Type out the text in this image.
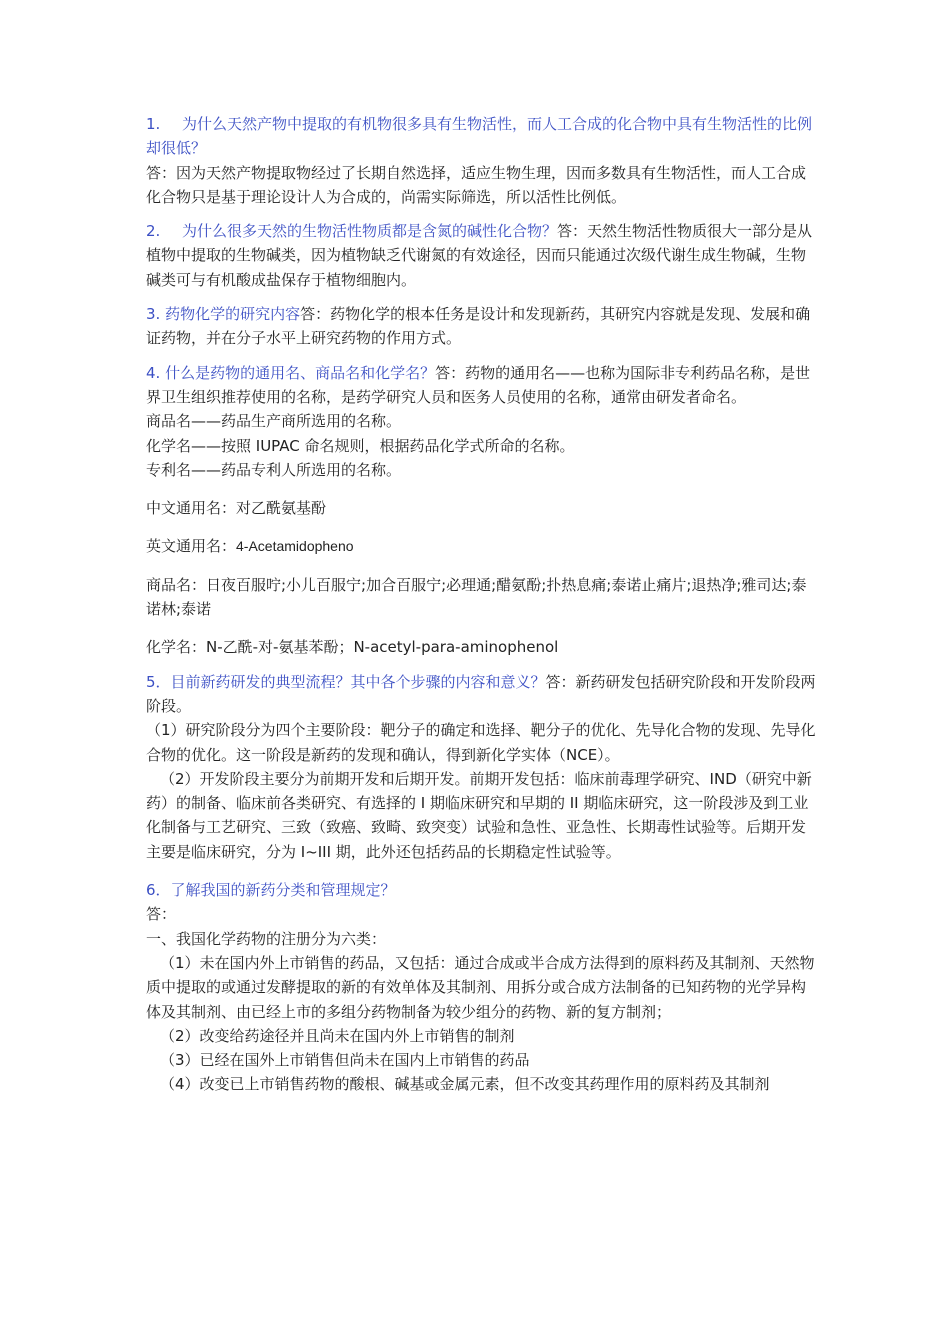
1. 为什么天然产物中提取的有机物很多具有生物活性，而人工合成的化合物中具有生物活性的比例却很低？
答：因为天然产物提取物经过了长期自然选择，适应生物生理，因而多数具有生物活性，而人工合成化合物只是基于理论设计人为合成的，尚需实际筛选，所以活性比例低。

2. 为什么很多天然的生物活性物质都是含氮的碱性化合物？答：天然生物活性物质很大一部分是从植物中提取的生物碱类，因为植物缺乏代谢氮的有效途径，因而只能通过次级代谢生成生物碱，生物碱类可与有机酸成盐保存于植物细胞内。

3. 药物化学的研究内容答：药物化学的根本任务是设计和发现新药，其研究内容就是发现、发展和确证药物，并在分子水平上研究药物的作用方式。

4. 什么是药物的通用名、商品名和化学名？答：药物的通用名——也称为国际非专利药品名称，是世界卫生组织推荐使用的名称，是药学研究人员和医务人员使用的名称，通常由研发者命名。

商品名——药品生产商所选用的名称。

化学名——按照 IUPAC 命名规则，根据药品化学式所命的名称。

专利名——药品专利人所选用的名称。

中文通用名：对乙酰氨基酚

英文通用名：4-Acetamidopheno

商品名：日夜百服咛;小儿百服宁;加合百服宁;必理通;醋氨酚;扑热息痛;泰诺止痛片;退热净;雅司达;泰诺林;泰诺

化学名：N-乙酰-对-氨基苯酚；N-acetyl-para-aminophenol

5．目前新药研发的典型流程？其中各个步骤的内容和意义？答：新药研发包括研究阶段和开发阶段两阶段。

（1）研究阶段分为四个主要阶段：靶分子的确定和选择、靶分子的优化、先导化合物的发现、先导化合物的优化。这一阶段是新药的发现和确认，得到新化学实体（NCE）。

（2）开发阶段主要分为前期开发和后期开发。前期开发包括：临床前毒理学研究、IND（研究中新药）的制备、临床前各类研究、有选择的 I 期临床研究和早期的 II 期临床研究，这一阶段涉及到工业化制备与工艺研究、三致（致癌、致畸、致突变）试验和急性、亚急性、长期毒性试验等。后期开发主要是临床研究，分为 I~III 期，此外还包括药品的长期稳定性试验等。

6．了解我国的新药分类和管理规定？

答：

一、我国化学药物的注册分为六类：

（1）未在国内外上市销售的药品，又包括：通过合成或半合成方法得到的原料药及其制剂、天然物质中提取的或通过发酵提取的新的有效单体及其制剂、用拆分或合成方法制备的已知药物的光学异构体及其制剂、由已经上市的多组分药物制备为较少组分的药物、新的复方制剂；

（2）改变给药途径并且尚未在国内外上市销售的制剂

（3）已经在国外上市销售但尚未在国内上市销售的药品

（4）改变已上市销售药物的酸根、碱基或金属元素，但不改变其药理作用的原料药及其制剂
